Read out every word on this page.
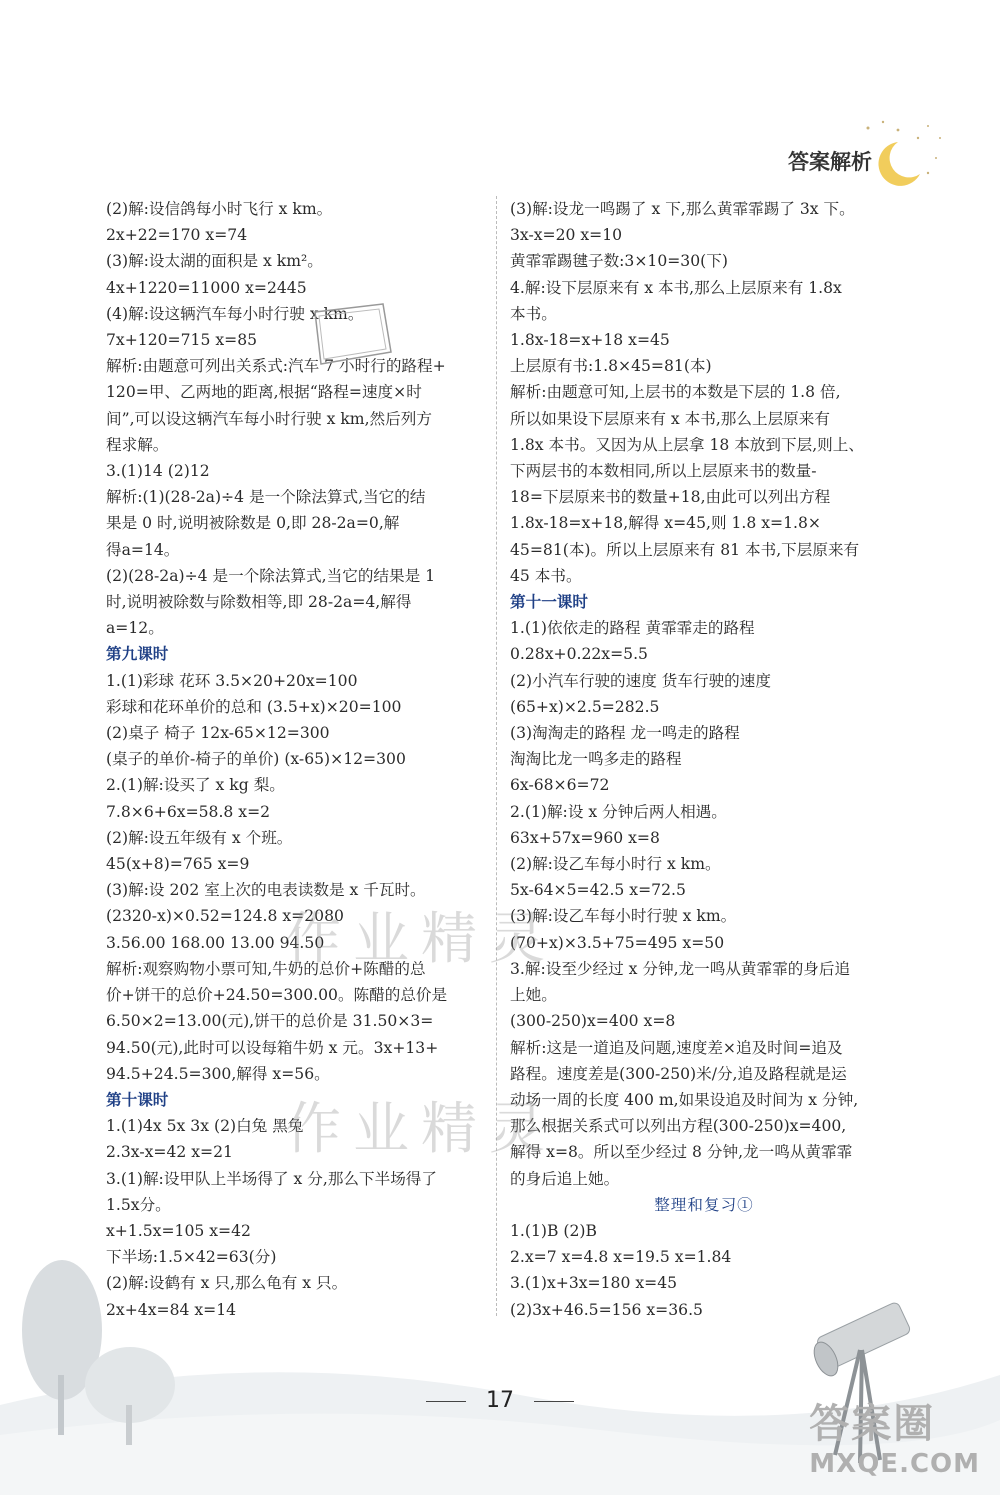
答案解析
(2)解:设信鸽每小时飞行 x km。
2x+22=170 x=74
(3)解:设太湖的面积是 x km²。
4x+1220=11000 x=2445
(4)解:设这辆汽车每小时行驶 x km。
7x+120=715 x=85
解析:由题意可列出关系式:汽车 7 小时行的路程+
120=甲、乙两地的距离,根据“路程=速度×时
间”,可以设这辆汽车每小时行驶 x km,然后列方
程求解。
3.(1)14 (2)12
解析:(1)(28-2a)÷4 是一个除法算式,当它的结
果是 0 时,说明被除数是 0,即 28-2a=0,解
得a=14。
(2)(28-2a)÷4 是一个除法算式,当它的结果是 1
时,说明被除数与除数相等,即 28-2a=4,解得
a=12。
第九课时
1.(1)彩球 花环 3.5×20+20x=100
彩球和花环单价的总和 (3.5+x)×20=100
(2)桌子 椅子 12x-65×12=300
(桌子的单价-椅子的单价) (x-65)×12=300
2.(1)解:设买了 x kg 梨。
7.8×6+6x=58.8 x=2
(2)解:设五年级有 x 个班。
45(x+8)=765 x=9
(3)解:设 202 室上次的电表读数是 x 千瓦时。
(2320-x)×0.52=124.8 x=2080
3.56.00 168.00 13.00 94.50
解析:观察购物小票可知,牛奶的总价+陈醋的总
价+饼干的总价+24.50=300.00。陈醋的总价是
6.50×2=13.00(元),饼干的总价是 31.50×3=
94.50(元),此时可以设每箱牛奶 x 元。3x+13+
94.5+24.5=300,解得 x=56。
第十课时
1.(1)4x 5x 3x (2)白兔 黑兔
2.3x-x=42 x=21
3.(1)解:设甲队上半场得了 x 分,那么下半场得了
1.5x分。
x+1.5x=105 x=42
下半场:1.5×42=63(分)
(2)解:设鹤有 x 只,那么龟有 x 只。
2x+4x=84 x=14
(3)解:设龙一鸣踢了 x 下,那么黄霏霏踢了 3x 下。
3x-x=20 x=10
黄霏霏踢毽子数:3×10=30(下)
4.解:设下层原来有 x 本书,那么上层原来有 1.8x
本书。
1.8x-18=x+18 x=45
上层原有书:1.8×45=81(本)
解析:由题意可知,上层书的本数是下层的 1.8 倍,
所以如果设下层原来有 x 本书,那么上层原来有
1.8x 本书。又因为从上层拿 18 本放到下层,则上、
下两层书的本数相同,所以上层原来书的数量-
18=下层原来书的数量+18,由此可以列出方程
1.8x-18=x+18,解得 x=45,则 1.8 x=1.8×
45=81(本)。所以上层原来有 81 本书,下层原来有
45 本书。
第十一课时
1.(1)依依走的路程 黄霏霏走的路程
0.28x+0.22x=5.5
(2)小汽车行驶的速度 货车行驶的速度
(65+x)×2.5=282.5
(3)淘淘走的路程 龙一鸣走的路程
淘淘比龙一鸣多走的路程
6x-68×6=72
2.(1)解:设 x 分钟后两人相遇。
63x+57x=960 x=8
(2)解:设乙车每小时行 x km。
5x-64×5=42.5 x=72.5
(3)解:设乙车每小时行驶 x km。
(70+x)×3.5+75=495 x=50
3.解:设至少经过 x 分钟,龙一鸣从黄霏霏的身后追
上她。
(300-250)x=400 x=8
解析:这是一道追及问题,速度差×追及时间=追及
路程。速度差是(300-250)米/分,追及路程就是运
动场一周的长度 400 m,如果设追及时间为 x 分钟,
那么根据关系式可以列出方程(300-250)x=400,
解得 x=8。所以至少经过 8 分钟,龙一鸣从黄霏霏
的身后追上她。
整理和复习①
1.(1)B (2)B
2.x=7 x=4.8 x=19.5 x=1.84
3.(1)x+3x=180 x=45
(2)3x+46.5=156 x=36.5
作业精灵
作业精灵
17
答案圈
MXQE.COM
